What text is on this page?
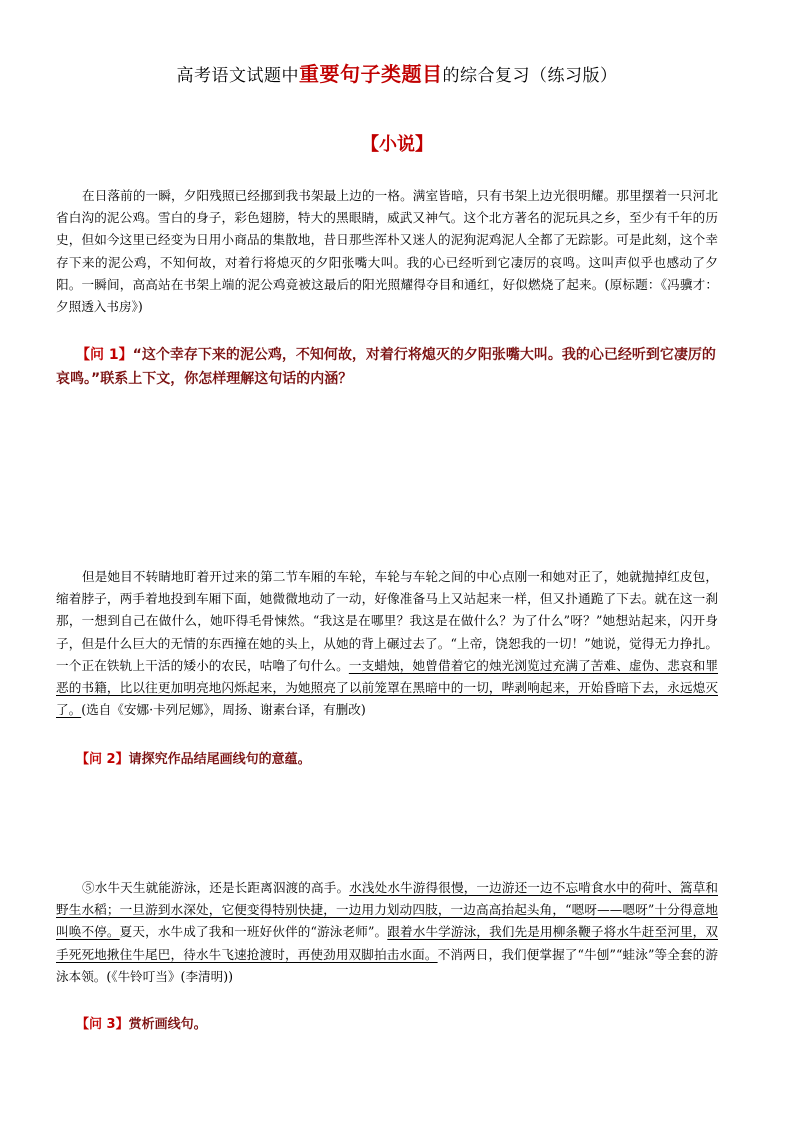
高考语文试题中重要句子类题目的综合复习（练习版）
【小说】
在日落前的一瞬，夕阳残照已经挪到我书架最上边的一格。满室皆暗，只有书架上边光很明耀。那里摆着一只河北省白沟的泥公鸡。雪白的身子，彩色翅膀，特大的黑眼睛，威武又神气。这个北方著名的泥玩具之乡，至少有千年的历史，但如今这里已经变为日用小商品的集散地，昔日那些浑朴又迷人的泥狗泥鸡泥人全都了无踪影。可是此刻，这个幸存下来的泥公鸡，不知何故，对着行将熄灭的夕阳张嘴大叫。我的心已经听到它凄厉的哀鸣。这叫声似乎也感动了夕阳。一瞬间，高高站在书架上端的泥公鸡竟被这最后的阳光照耀得夺目和通红，好似燃烧了起来。(原标题：《冯骥才：夕照透入书房》)
【问 1】“这个幸存下来的泥公鸡，不知何故，对着行将熄灭的夕阳张嘴大叫。我的心已经听到它凄厉的哀鸣。”联系上下文，你怎样理解这句话的内涵？
但是她目不转睛地盯着开过来的第二节车厢的车轮，车轮与车轮之间的中心点刚一和她对正了，她就抛掉红皮包，缩着脖子，两手着地投到车厢下面，她微微地动了一动，好像准备马上又站起来一样，但又扑通跪了下去。就在这一刹那，一想到自己在做什么，她吓得毛骨悚然。“我这是在哪里？我这是在做什么？为了什么”呀？”她想站起来，闪开身子，但是什么巨大的无情的东西撞在她的头上，从她的背上碾过去了。“上帝，饶恕我的一切！”她说，觉得无力挣扎。一个正在铁轨上干活的矮小的农民，咕噜了句什么。一支蜡烛，她曾借着它的烛光浏览过充满了苦难、虚伪、悲哀和罪恶的书籍，比以往更加明亮地闪烁起来，为她照亮了以前笼罩在黑暗中的一切，哔剥响起来，开始昏暗下去，永远熄灭了。(选自《安娜·卡列尼娜》，周扬、谢素台译，有删改)
【问 2】请探究作品结尾画线句的意蕴。
⑤水牛天生就能游泳，还是长距离泅渡的高手。水浅处水牛游得很慢，一边游还一边不忘啃食水中的荷叶、篙草和野生水稻；一旦游到水深处，它便变得特别快捷，一边用力划动四肢，一边高高抬起头角，“嗯呀——嗯呀”十分得意地叫唤不停。夏天，水牛成了我和一班好伙伴的“游泳老师”。跟着水牛学游泳，我们先是用柳条鞭子将水牛赶至河里，双手死死地揪住牛尾巴，待水牛飞速抢渡时，再使劲用双脚拍击水面。不消两日，我们便掌握了“牛刨”“蛙泳”等全套的游泳本领。(《牛铃叮当》(李清明))
【问 3】赏析画线句。
